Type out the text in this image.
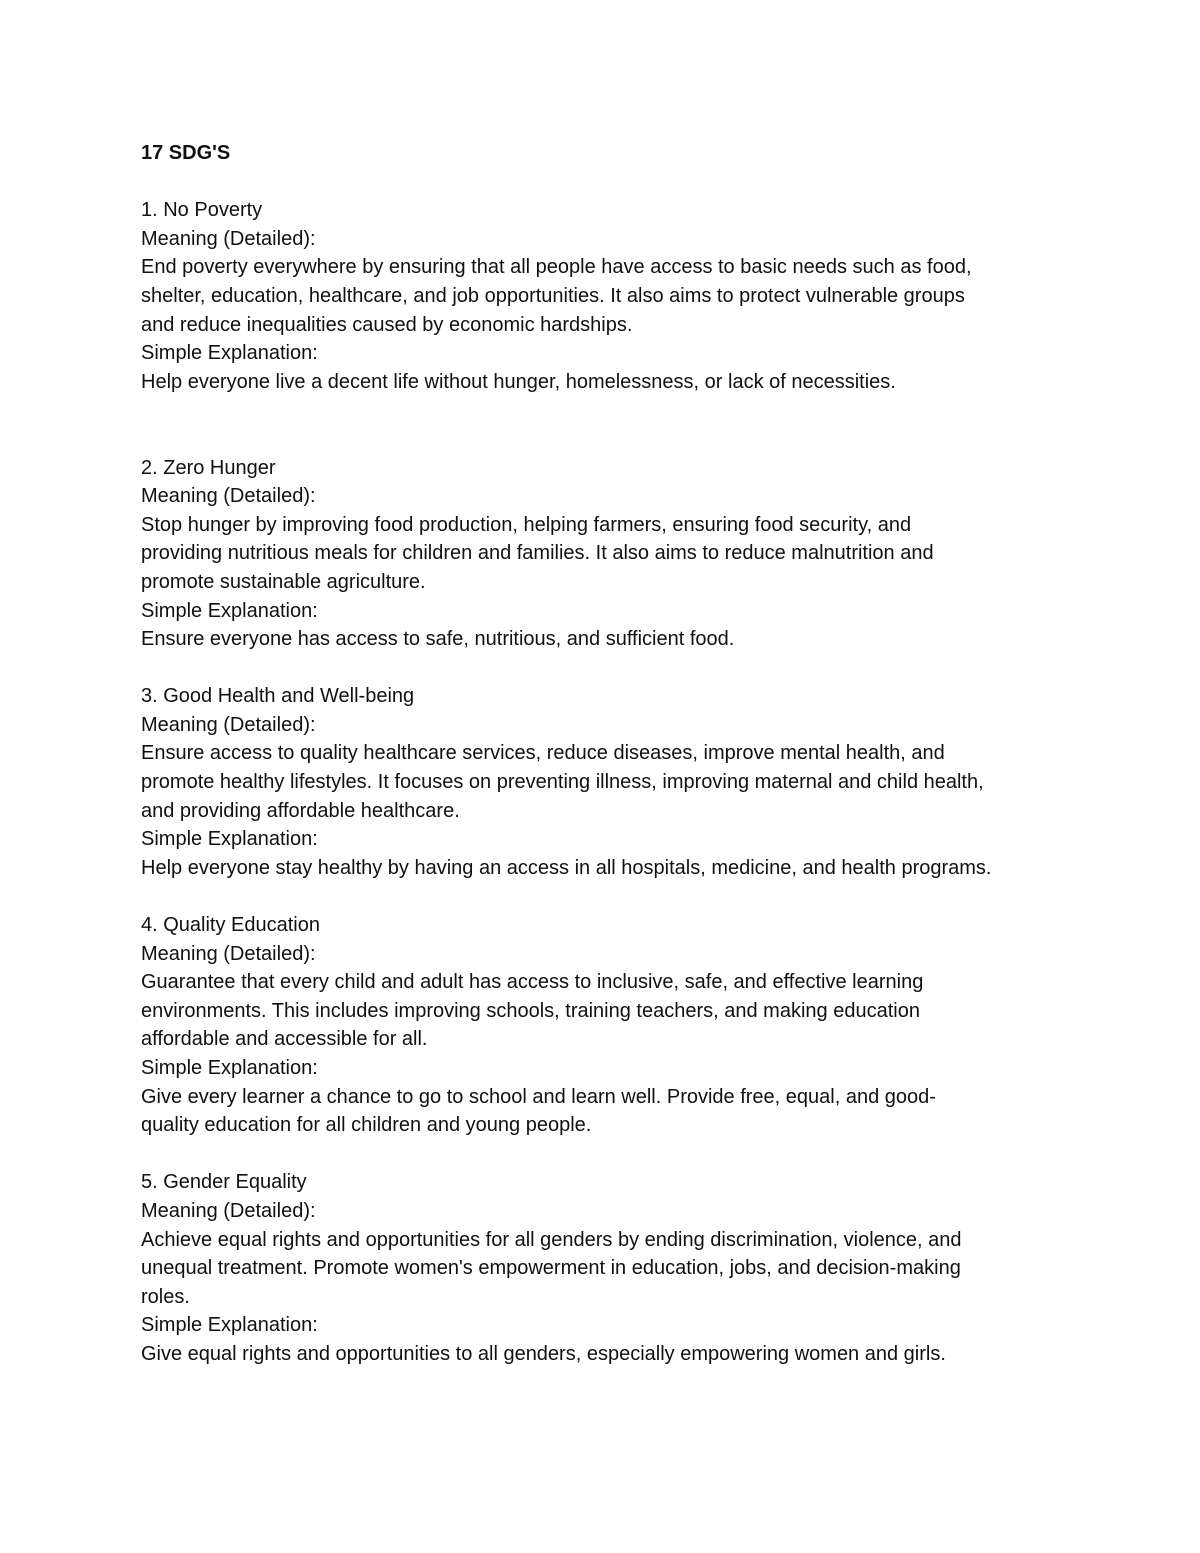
17 SDG'S

1. No Poverty

Meaning (Detailed):

End poverty everywhere by ensuring that all people have access to basic needs such as food,

shelter, education, healthcare, and job opportunities. It also aims to protect vulnerable groups

and reduce inequalities caused by economic hardships.

Simple Explanation:

Help everyone live a decent life without hunger, homelessness, or lack of necessities.

2. Zero Hunger

Meaning (Detailed):

Stop hunger by improving food production, helping farmers, ensuring food security, and

providing nutritious meals for children and families. It also aims to reduce malnutrition and

promote sustainable agriculture.

Simple Explanation:

Ensure everyone has access to safe, nutritious, and sufficient food.

3. Good Health and Well-being

Meaning (Detailed):

Ensure access to quality healthcare services, reduce diseases, improve mental health, and

promote healthy lifestyles. It focuses on preventing illness, improving maternal and child health,

and providing affordable healthcare.

Simple Explanation:

Help everyone stay healthy by having an access in all hospitals, medicine, and health programs.

4. Quality Education

Meaning (Detailed):

Guarantee that every child and adult has access to inclusive, safe, and effective learning

environments. This includes improving schools, training teachers, and making education

affordable and accessible for all.

Simple Explanation:

Give every learner a chance to go to school and learn well. Provide free, equal, and good-

quality education for all children and young people.

5. Gender Equality

Meaning (Detailed):

Achieve equal rights and opportunities for all genders by ending discrimination, violence, and

unequal treatment. Promote women's empowerment in education, jobs, and decision-making

roles.

Simple Explanation:

Give equal rights and opportunities to all genders, especially empowering women and girls.
